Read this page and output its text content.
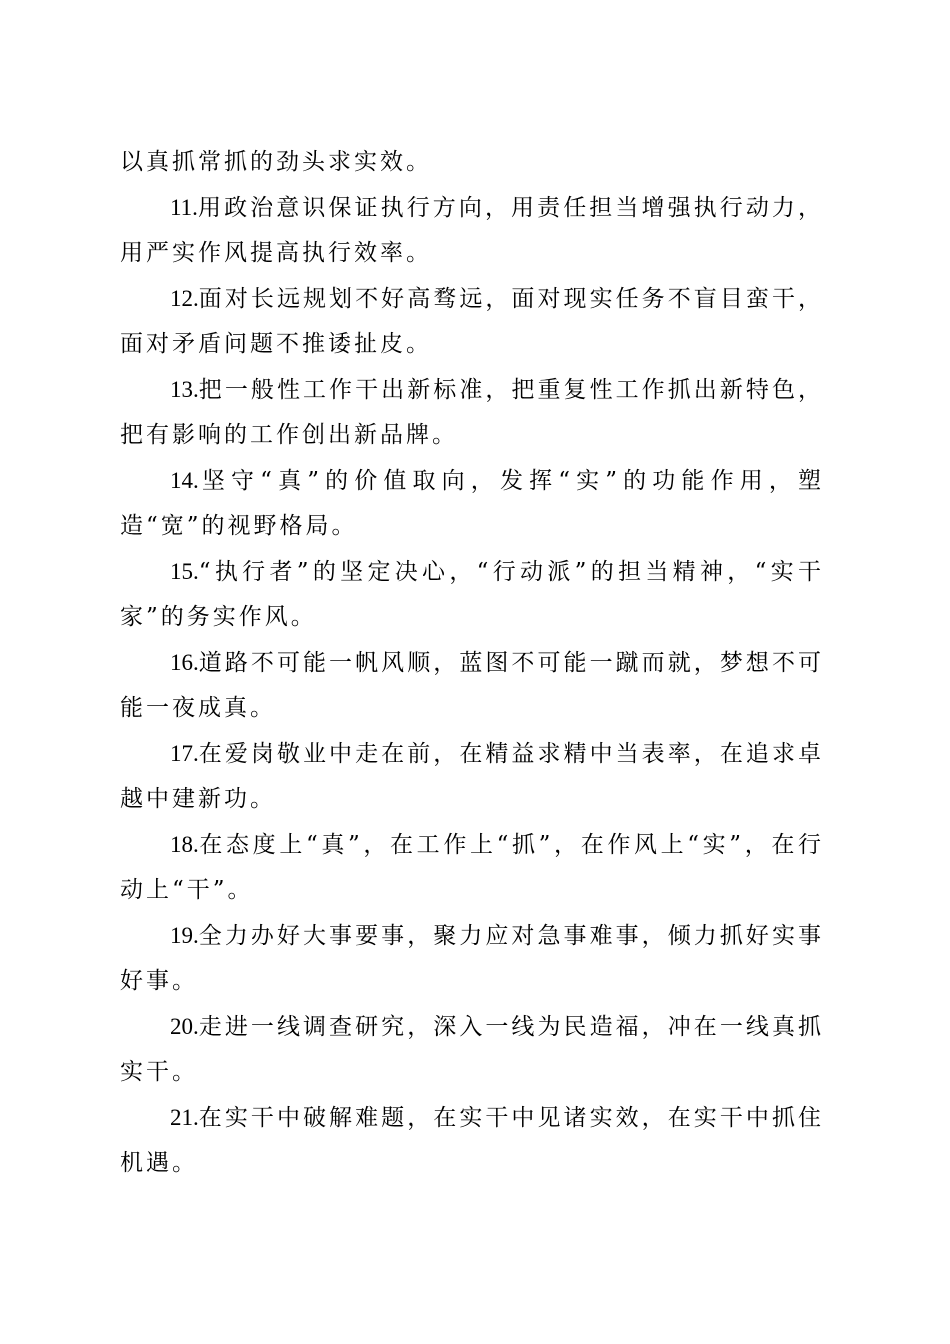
以真抓常抓的劲头求实效。

11.用政治意识保证执行方向，用责任担当增强执行动力，用严实作风提高执行效率。

12.面对长远规划不好高骛远，面对现实任务不盲目蛮干，面对矛盾问题不推诿扯皮。

13.把一般性工作干出新标准，把重复性工作抓出新特色，把有影响的工作创出新品牌。

14.坚守“真”的价值取向，发挥“实”的功能作用，塑造“宽”的视野格局。

15.“执行者”的坚定决心，“行动派”的担当精神，“实干家”的务实作风。

16.道路不可能一帆风顺，蓝图不可能一蹴而就，梦想不可能一夜成真。

17.在爱岗敬业中走在前，在精益求精中当表率，在追求卓越中建新功。

18.在态度上“真”，在工作上“抓”，在作风上“实”，在行动上“干”。

19.全力办好大事要事，聚力应对急事难事，倾力抓好实事好事。

20.走进一线调查研究，深入一线为民造福，冲在一线真抓实干。

21.在实干中破解难题，在实干中见诸实效，在实干中抓住机遇。
